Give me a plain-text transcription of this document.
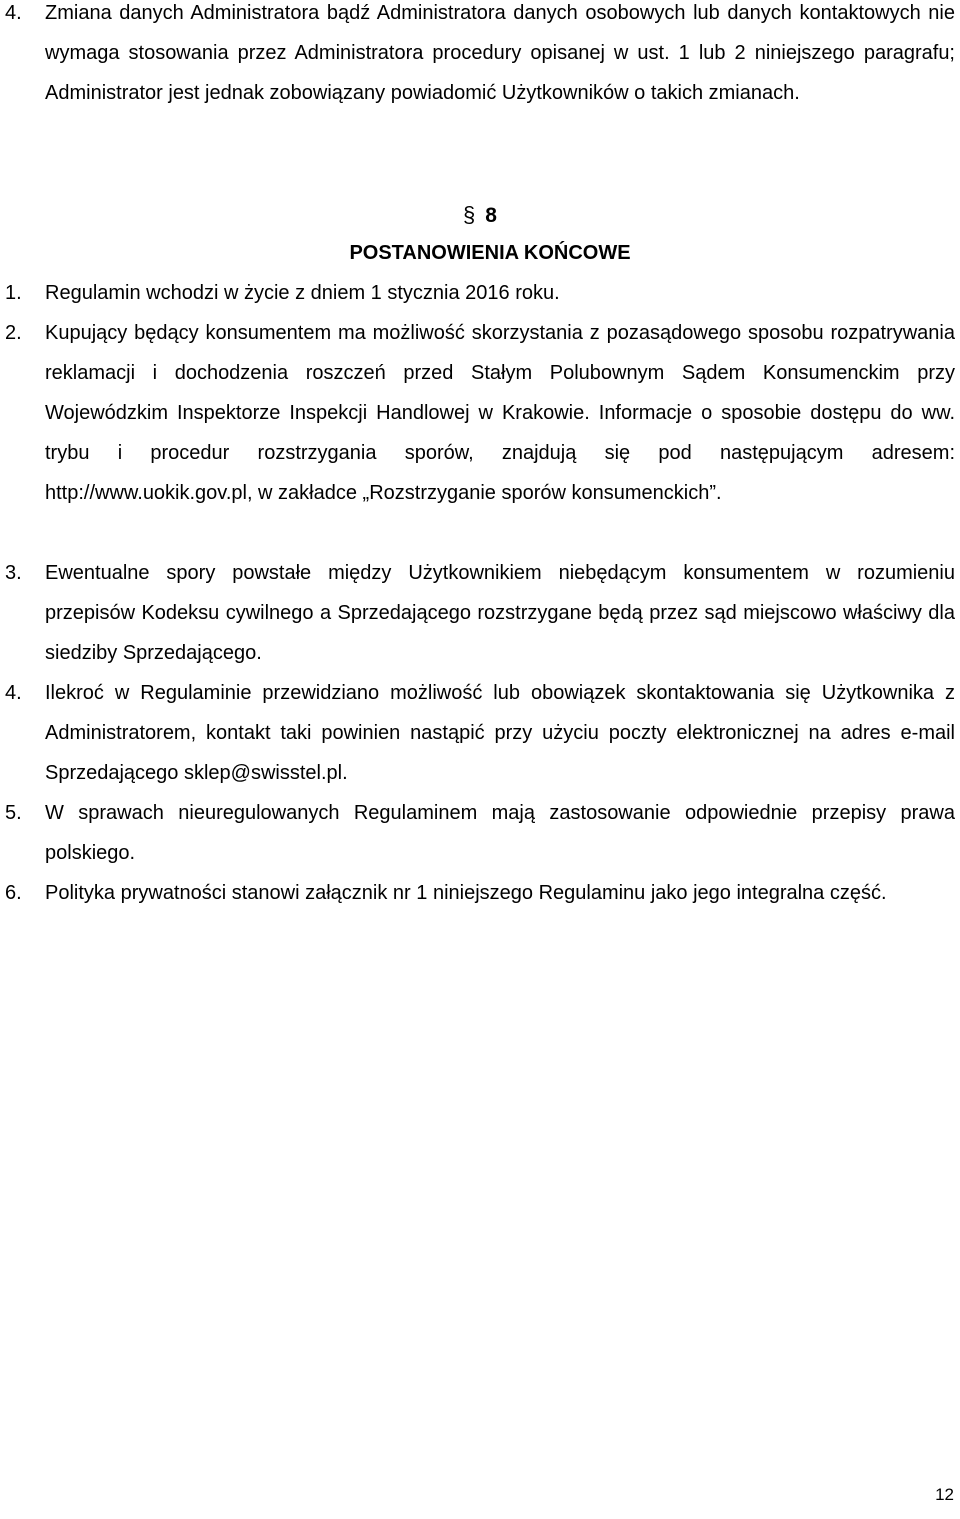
4. Zmiana danych Administratora bądź Administratora danych osobowych lub danych kontaktowych nie wymaga stosowania przez Administratora procedury opisanej w ust. 1 lub 2 niniejszego paragrafu; Administrator jest jednak zobowiązany powiadomić Użytkowników o takich zmianach.
§ 8
POSTANOWIENIA KOŃCOWE
1. Regulamin wchodzi w życie z dniem 1 stycznia 2016 roku.
2. Kupujący będący konsumentem ma możliwość skorzystania z pozasądowego sposobu rozpatrywania reklamacji i dochodzenia roszczeń przed Stałym Polubownym Sądem Konsumenckim przy Wojewódzkim Inspektorze Inspekcji Handlowej w Krakowie. Informacje o sposobie dostępu do ww. trybu i procedur rozstrzygania sporów, znajdują się pod następującym adresem: http://www.uokik.gov.pl, w zakładce „Rozstrzyganie sporów konsumenckich”.
3. Ewentualne spory powstałe między Użytkownikiem niebędącym konsumentem w rozumieniu przepisów Kodeksu cywilnego a Sprzedającego rozstrzygane będą przez sąd miejscowo właściwy dla siedziby Sprzedającego.
4. Ilekroć w Regulaminie przewidziano możliwość lub obowiązek skontaktowania się Użytkownika z Administratorem, kontakt taki powinien nastąpić przy użyciu poczty elektronicznej na adres e-mail Sprzedającego sklep@swisstel.pl.
5. W sprawach nieuregulowanych Regulaminem mają zastosowanie odpowiednie przepisy prawa polskiego.
6. Polityka prywatności stanowi załącznik nr 1 niniejszego Regulaminu jako jego integralna część.
12
